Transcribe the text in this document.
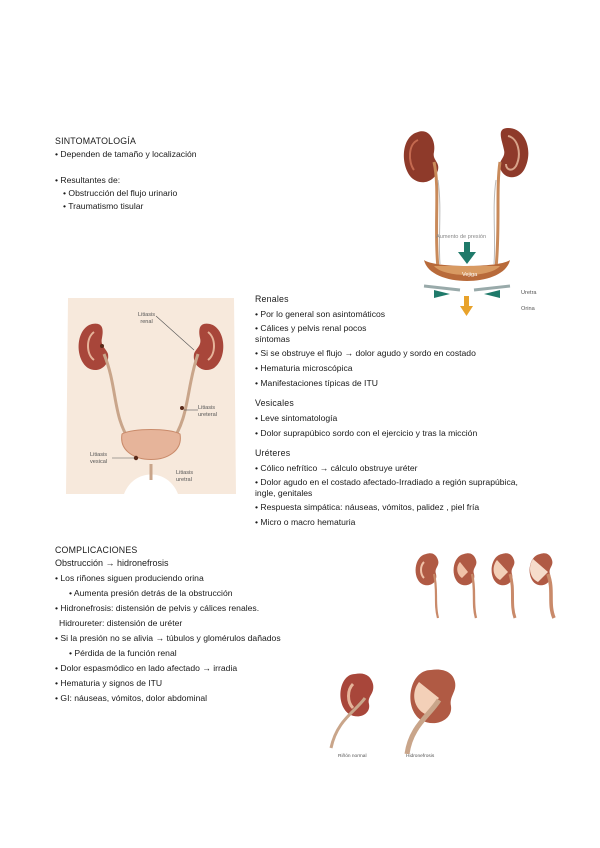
SINTOMATOLOGÍA
• Dependen de tamaño y localización
• Resultantes de:
• Obstrucción del flujo urinario
• Traumatismo tisular
Aumento de presión
Vejiga
Uretra
Orina
Litiasis
renal
Litiasis
ureteral
Litiasis
vesical
Litiasis
uretral
Renales
• Por lo general son asintomáticos
• Cálices y pelvis renal pocos
síntomas
• Si se obstruye el flujo → dolor agudo y sordo en costado
• Hematuria microscópica
• Manifestaciones típicas de ITU
Vesicales
• Leve sintomatología
• Dolor suprapúbico sordo con el ejercicio y tras la micción
Uréteres
• Cólico nefrítico → cálculo obstruye uréter
• Dolor agudo en el costado afectado-Irradiado a región suprapúbica,
ingle, genitales
• Respuesta simpática: náuseas, vómitos, palidez , piel fría
• Micro o macro hematuria
COMPLICACIONES
Obstrucción → hidronefrosis
• Los riñones siguen produciendo orina
• Aumenta presión detrás de la obstrucción
• Hidronefrosis: distensión de pelvis y cálices renales.
Hidroureter: distensión de uréter
• Si la presión no se alivia → túbulos y glomérulos dañados
• Pérdida de la función renal
• Dolor espasmódico en lado afectado → irradia
• Hematuria y signos de ITU
• GI: náuseas, vómitos, dolor abdominal
Riñón normal	Hidronefrosis
